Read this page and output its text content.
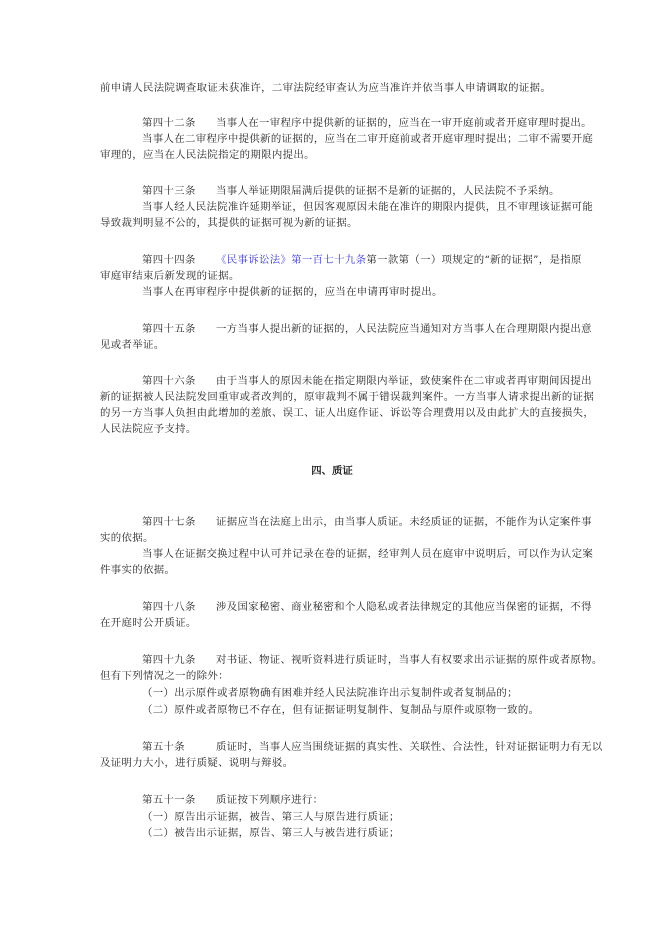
前申请人民法院调查取证未获准许，二审法院经审查认为应当准许并依当事人申请调取的证据。
第四十二条 当事人在一审程序中提供新的证据的，应当在一审开庭前或者开庭审理时提出。
当事人在二审程序中提供新的证据的，应当在二审开庭前或者开庭审理时提出；二审不需要开庭
审理的，应当在人民法院指定的期限内提出。
第四十三条 当事人举证期限届满后提供的证据不是新的证据的，人民法院不予采纳。
当事人经人民法院准许延期举证，但因客观原因未能在准许的期限内提供，且不审理该证据可能
导致裁判明显不公的，其提供的证据可视为新的证据。
第四十四条 《民事诉讼法》第一百七十九条第一款第（一）项规定的“新的证据”，是指原
审庭审结束后新发现的证据。
当事人在再审程序中提供新的证据的，应当在申请再审时提出。
第四十五条 一方当事人提出新的证据的，人民法院应当通知对方当事人在合理期限内提出意
见或者举证。
第四十六条 由于当事人的原因未能在指定期限内举证，致使案件在二审或者再审期间因提出
新的证据被人民法院发回重审或者改判的，原审裁判不属于错误裁判案件。一方当事人请求提出新的证据
的另一方当事人负担由此增加的差旅、误工、证人出庭作证、诉讼等合理费用以及由此扩大的直接损失，
人民法院应予支持。
四、质证
第四十七条 证据应当在法庭上出示，由当事人质证。未经质证的证据，不能作为认定案件事
实的依据。
当事人在证据交换过程中认可并记录在卷的证据，经审判人员在庭审中说明后，可以作为认定案
件事实的依据。
第四十八条 涉及国家秘密、商业秘密和个人隐私或者法律规定的其他应当保密的证据，不得
在开庭时公开质证。
第四十九条 对书证、物证、视听资料进行质证时，当事人有权要求出示证据的原件或者原物。
但有下列情况之一的除外：
（一）出示原件或者原物确有困难并经人民法院准许出示复制件或者复制品的；
（二）原件或者原物已不存在，但有证据证明复制件、复制品与原件或原物一致的。
第五十条	质证时，当事人应当围绕证据的真实性、关联性、合法性，针对证据证明力有无以
及证明力大小，进行质疑、说明与辩驳。
第五十一条 质证按下列顺序进行：
（一）原告出示证据，被告、第三人与原告进行质证；
（二）被告出示证据，原告、第三人与被告进行质证；
